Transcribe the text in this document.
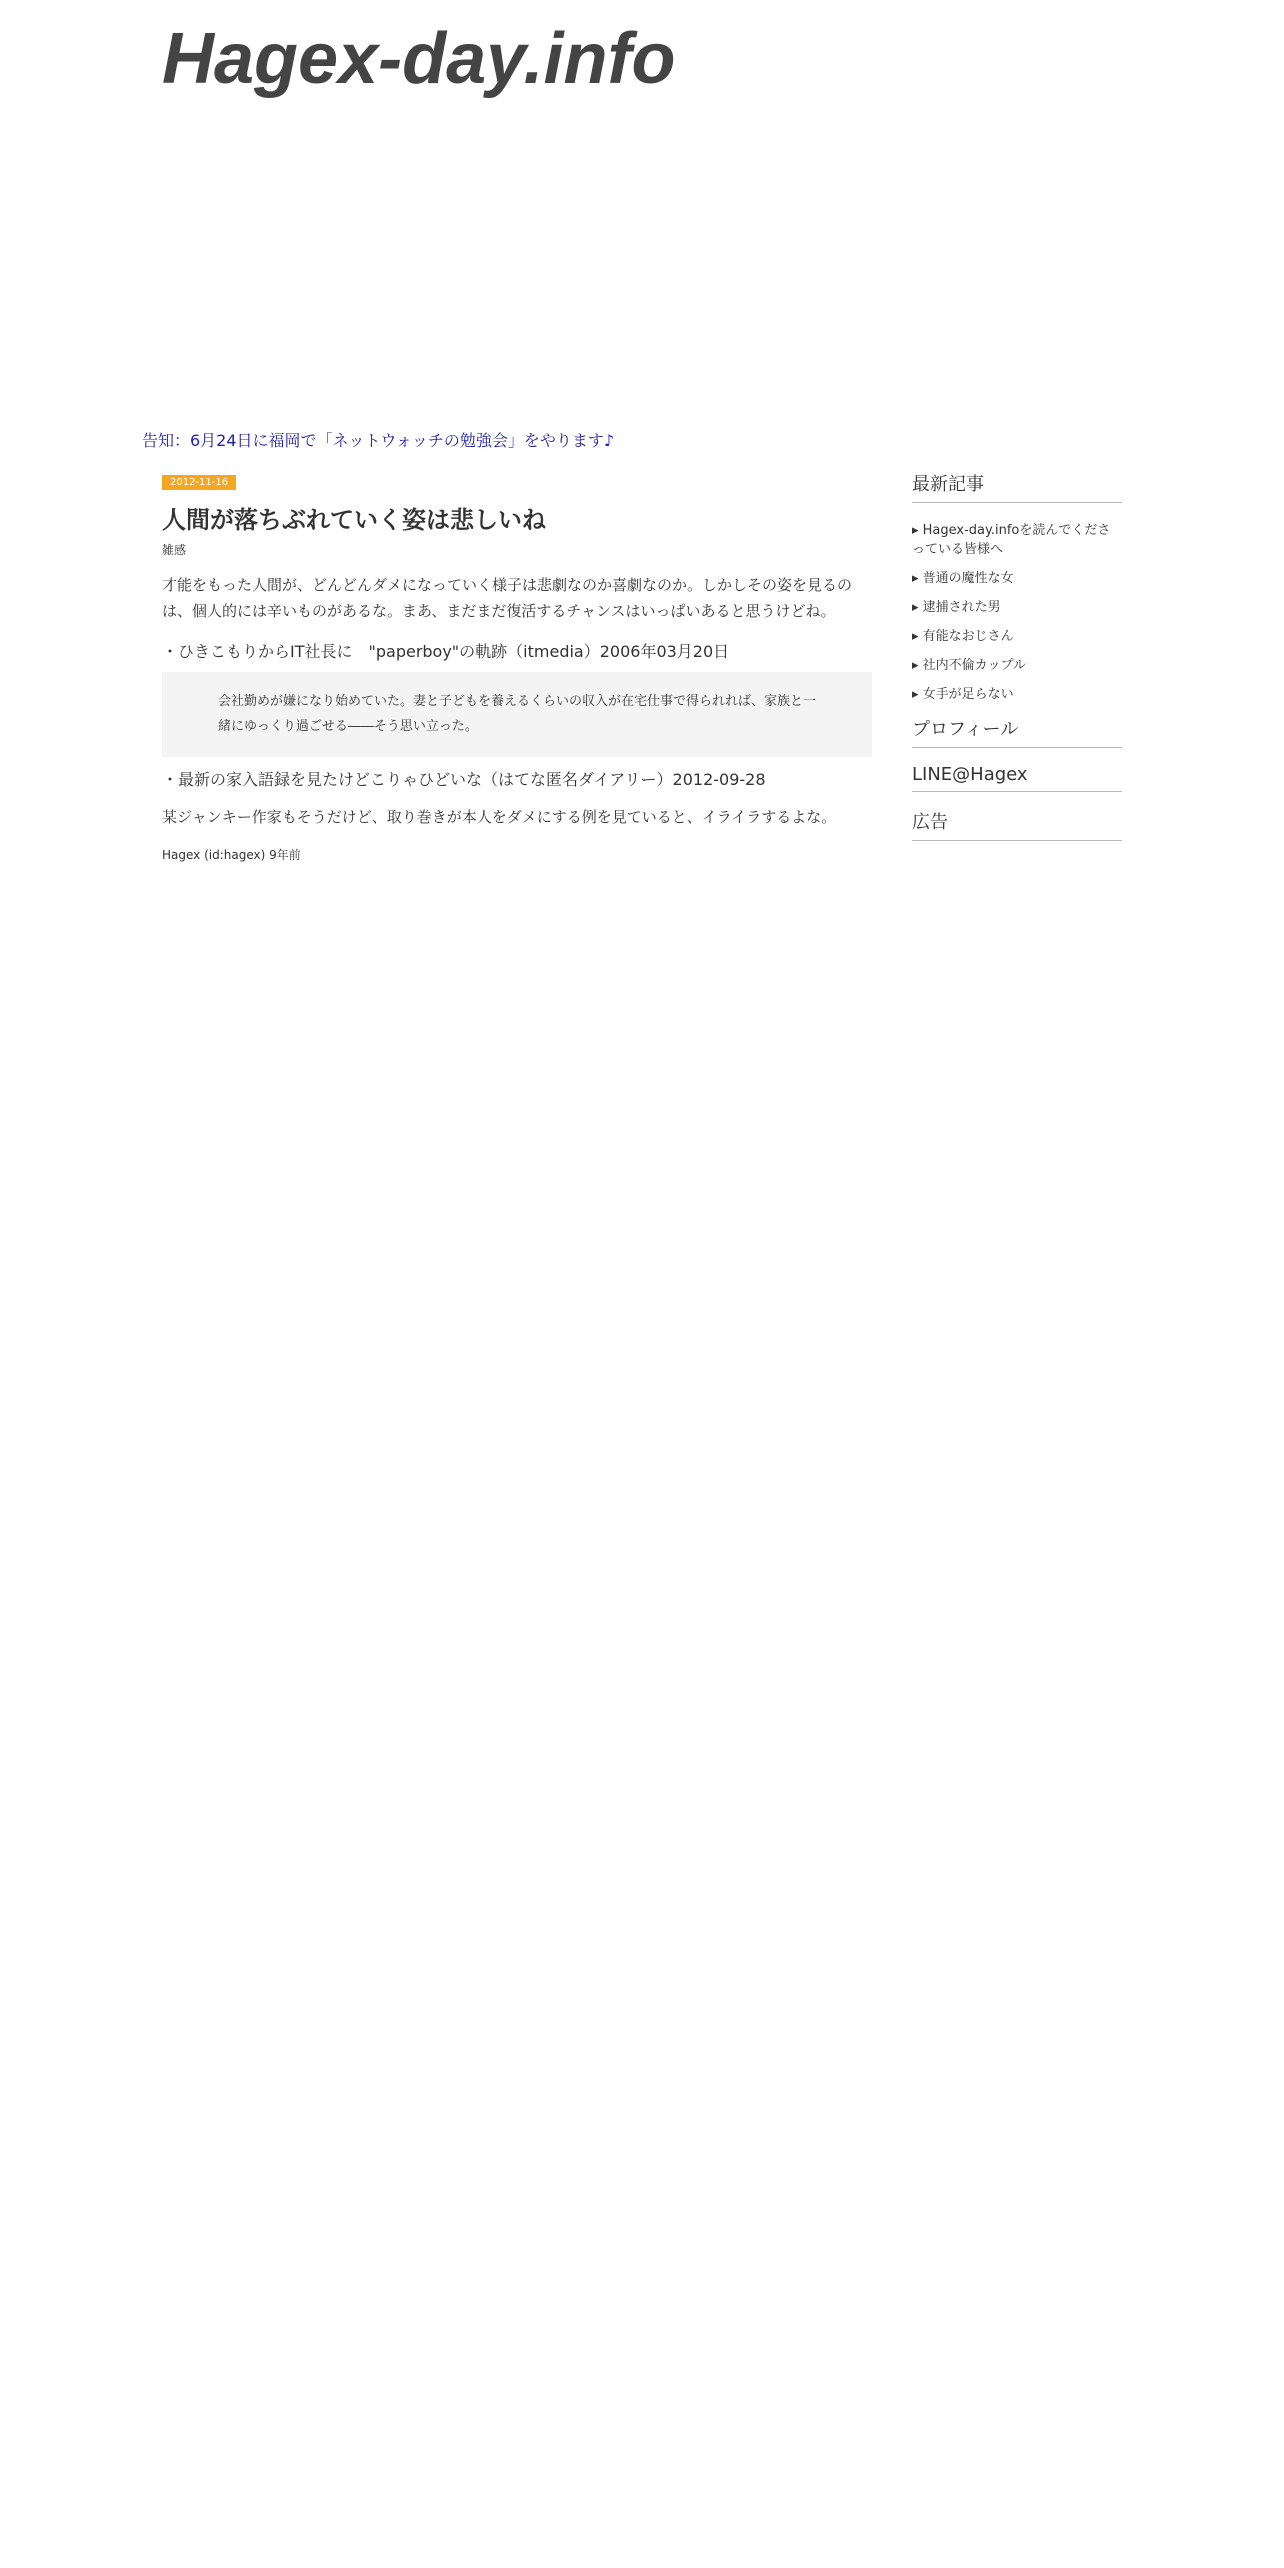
Hagex-day.info
告知：6月24日に福岡で「ネットウォッチの勉強会」をやります♪
2012-11-16
人間が落ちぶれていく姿は悲しいね
雑感

才能をもった人間が、どんどんダメになっていく様子は悲劇なのか喜劇なのか。しかしその姿を見るのは、個人的には辛いものがあるな。まあ、まだまだ復活するチャンスはいっぱいあると思うけどね。

・ひきこもりからIT社長に　"paperboy"の軌跡（itmedia）2006年03月20日
会社勤めが嫌になり始めていた。妻と子どもを養えるくらいの収入が在宅仕事で得られれば、家族と一緒にゆっくり過ごせる――そう思い立った。
・最新の家入語録を見たけどこりゃひどいな（はてな匿名ダイアリー）2012-09-28

某ジャンキー作家もそうだけど、取り巻きが本人をダメにする例を見ていると、イライラするよな。

Hagex (id:hagex) 9年前
最新記事
▸ Hagex-day.infoを読んでくださっている皆様へ
▸ 普通の魔性な女
▸ 逮捕された男
▸ 有能なおじさん
▸ 社内不倫カップル
▸ 女手が足らない
プロフィール
LINE@Hagex
広告
